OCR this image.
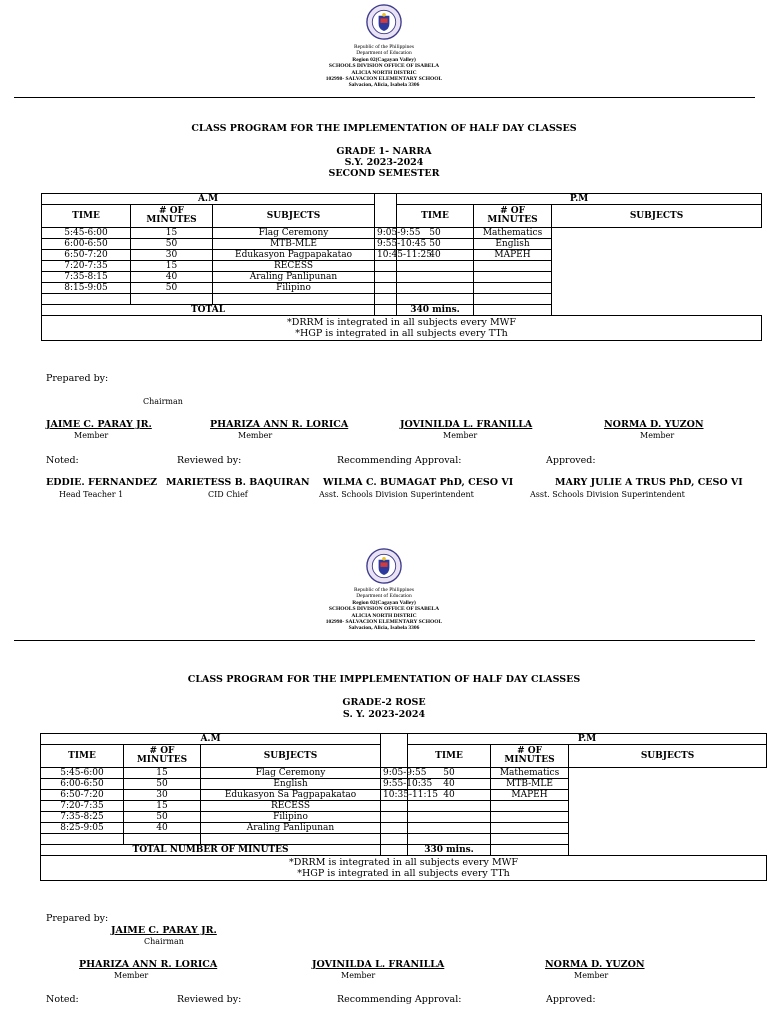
Republic of the Philippines
Department of Education
Region 02(Cagayan Valley)
SCHOOLS DIVISION OFFICE OF ISABELA
ALICIA NORTH DISTRIC
102998- SALVACION ELEMENTARY SCHOOL
Salvacion, Alicia, Isabela 3306
CLASS PROGRAM FOR THE IMPLEMENTATION OF HALF DAY CLASSES
GRADE 1- NARRA
S.Y. 2023-2024
SECOND SEMESTER
A.M				P.M		
TIME	# OF MINUTES	SUBJECTS		TIME	# OF MINUTES	SUBJECTS
5:45-6:00	15	Flag Ceremony	9:05-9:55	50	Mathematics	
6:00-6:50	50	MTB-MLE	9:55-10:45	50	English	
6:50-7:20	30	Edukasyon Pagpapakatao	10:45-11:25	40	MAPEH	
7:20-7:35	15	RECESS				
7:35-8:15	40	Araling Panlipunan				
8:15-9:05	50	Filipino				

TOTAL				340 mins.		

*DRRM is integrated in all subjects every MWF
*HGP is integrated in all subjects every TTh						
Prepared by:
Chairman
JAIME C. PARAY JR.
Member
PHARIZA ANN R. LORICA
Member
JOVINILDA L. FRANILLA
Member
NORMA D. YUZON
Member
Noted:	Reviewed by:	Recommending Approval:	Approved:
EDDIE. FERNANDEZ
Head Teacher 1
MARIETESS B. BAQUIRAN
CID Chief
WILMA C. BUMAGAT PhD, CESO VI
Asst. Schools Division Superintendent
MARY JULIE A TRUS PhD, CESO VI
Asst. Schools Division Superintendent
Republic of the Philippines
Department of Education
Region 02(Cagayan Valley)
SCHOOLS DIVISION OFFICE OF ISABELA
ALICIA NORTH DISTRIC
102998- SALVACION ELEMENTARY SCHOOL
Salvacion, Alicia, Isabela 3306
CLASS PROGRAM FOR THE IMPPLEMENTATION OF HALF DAY CLASSES
GRADE-2 ROSE
S. Y. 2023-2024
A.M				P.M		
TIME	# OF MINUTES	SUBJECTS		TIME	# OF MINUTES	SUBJECTS
5:45-6:00	15	Flag Ceremony	9:05-9:55	50	Mathematics	
6:00-6:50	50	English	9:55-10:35	40	MTB-MLE	
6:50-7:20	30	Edukasyon Sa Pagpapakatao	10:35-11:15	40	MAPEH	
7:20-7:35	15	RECESS				
7:35-8:25	50	Filipino				
8:25-9:05	40	Araling Panlipunan				

TOTAL NUMBER OF MINUTES				330 mins.		

*DRRM is integrated in all subjects every MWF
*HGP is integrated in all subjects every TTh						
Prepared by:
JAIME C. PARAY JR.
Chairman
PHARIZA ANN R. LORICA
Member
JOVINILDA L. FRANILLA
Member
NORMA D. YUZON
Member
Noted:	Reviewed by:	Recommending Approval:	Approved:
